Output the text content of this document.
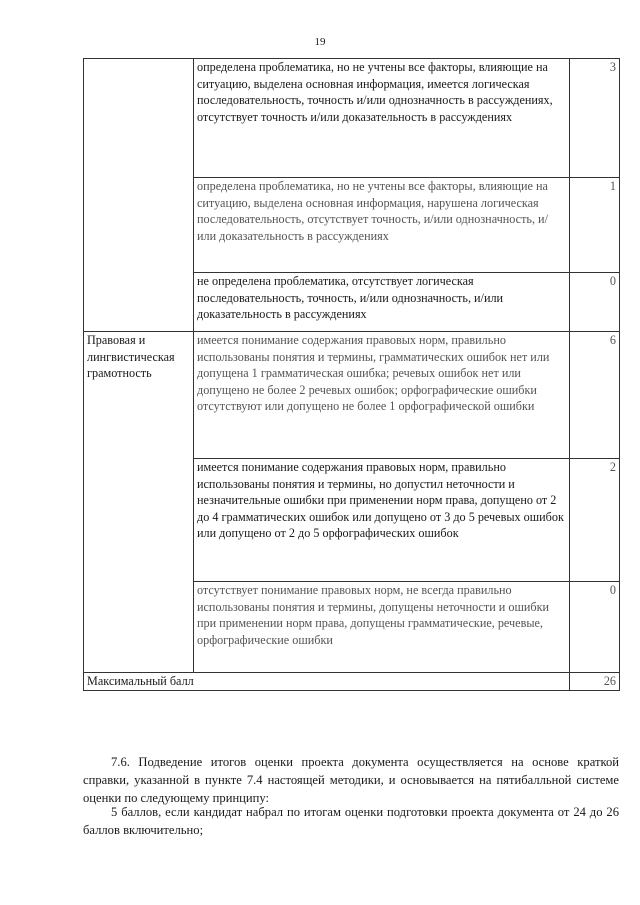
19
	определена проблематика, но не учтены все факторы, влияющие на ситуацию, выделена основная информация, имеется логическая последовательность, точность и/или однозначность в рассуждениях, отсутствует точность и/или доказательность в рассуждениях	3
	определена проблематика, но не учтены все факторы, влияющие на ситуацию, выделена основная информация, нарушена логическая последовательность, отсутствует точность, и/или однозначность, и/или доказательность в рассуждениях	1
	не определена проблематика, отсутствует логическая последовательность, точность, и/или однозначность, и/или доказательность в рассуждениях	0
Правовая и лингвистическая грамотность	имеется понимание содержания правовых норм, правильно использованы понятия и термины, грамматических ошибок нет или допущена 1 грамматическая ошибка; речевых ошибок нет или допущено не более 2 речевых ошибок; орфографические ошибки отсутствуют или допущено не более 1 орфографической ошибки	6
	имеется понимание содержания правовых норм, правильно использованы понятия и термины, но допустил неточности и незначительные ошибки при применении норм права, допущено от 2 до 4 грамматических ошибок или допущено от 3 до 5 речевых ошибок или допущено от 2 до 5 орфографических ошибок	2
	отсутствует понимание правовых норм, не всегда правильно использованы понятия и термины, допущены неточности и ошибки при применении норм права, допущены грамматические, речевые, орфографические ошибки	0
Максимальный балл		26
7.6. Подведение итогов оценки проекта документа осуществляется на основе краткой справки, указанной в пункте 7.4 настоящей методики, и основывается на пятибалльной системе оценки по следующему принципу:
5 баллов, если кандидат набрал по итогам оценки подготовки проекта документа от 24 до 26 баллов включительно;
